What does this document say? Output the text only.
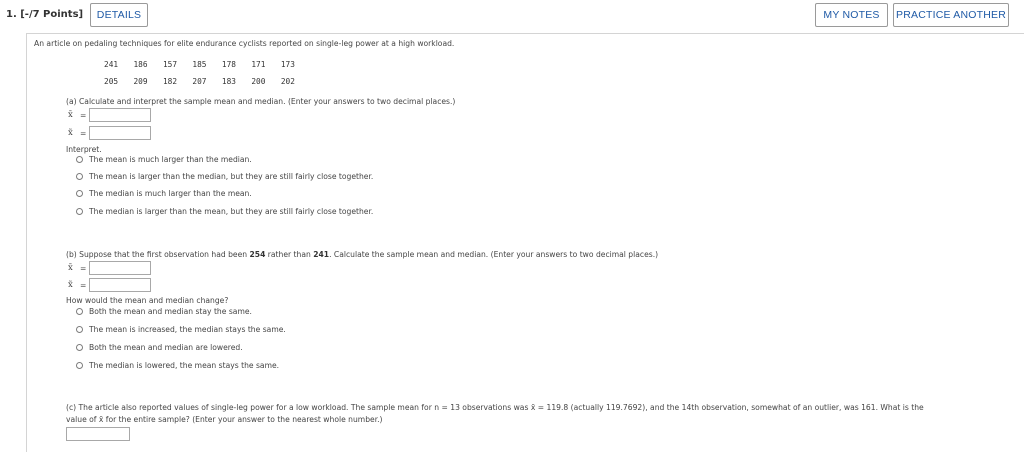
1. [-/7 Points]	DETAILS	MY NOTES	PRACTICE ANOTHER
An article on pedaling techniques for elite endurance cyclists reported on single-leg power at a high workload.
241  186  157  185  178  171  173
205  209  182  207  183  200  202
(a) Calculate and interpret the sample mean and median. (Enter your answers to two decimal places.)
x̄ =
x̃ =
Interpret.
The mean is much larger than the median.
The mean is larger than the median, but they are still fairly close together.
The median is much larger than the mean.
The median is larger than the mean, but they are still fairly close together.
(b) Suppose that the first observation had been 254 rather than 241. Calculate the sample mean and median. (Enter your answers to two decimal places.)
x̄ =
x̃ =
How would the mean and median change?
Both the mean and median stay the same.
The mean is increased, the median stays the same.
Both the mean and median are lowered.
The median is lowered, the mean stays the same.
(c) The article also reported values of single-leg power for a low workload. The sample mean for n = 13 observations was x̄ = 119.8 (actually 119.7692), and the 14th observation, somewhat of an outlier, was 161. What is the
value of x̄ for the entire sample? (Enter your answer to the nearest whole number.)
